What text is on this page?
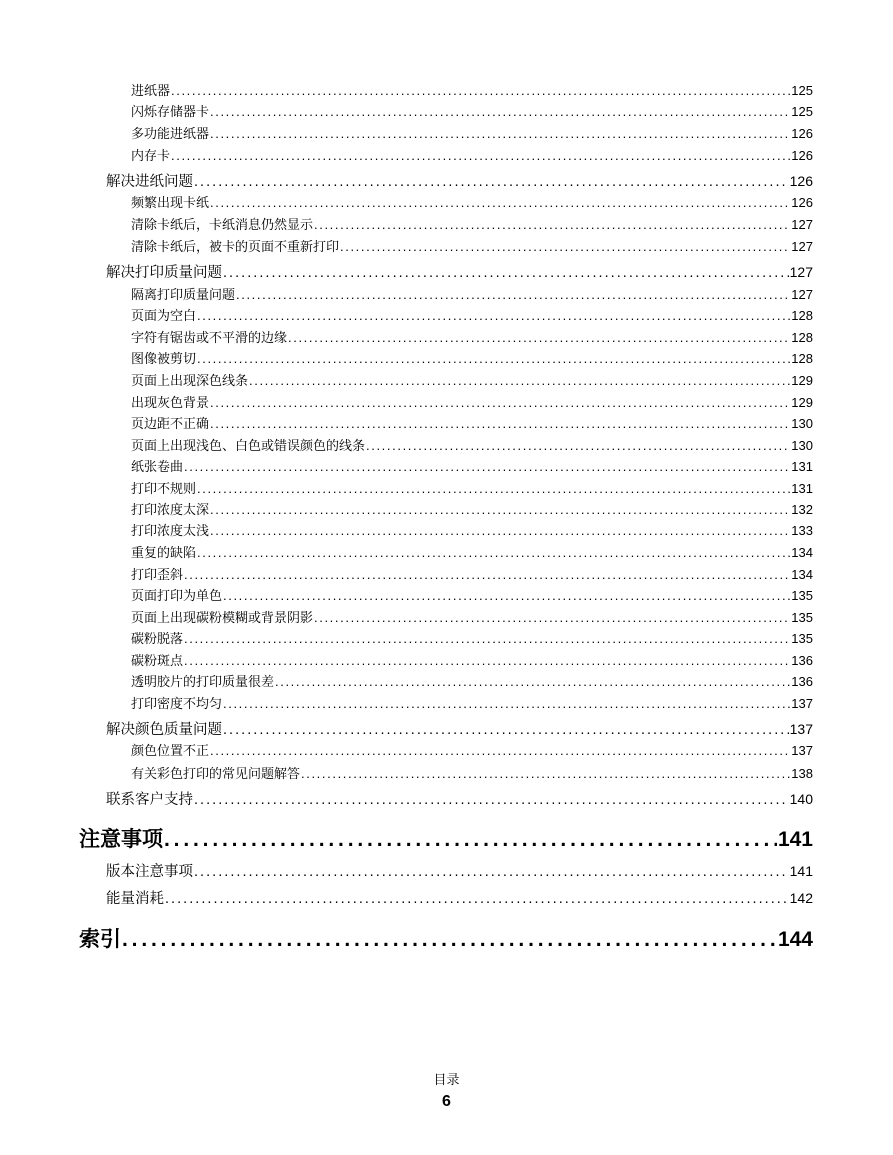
进纸器 . . .	125
闪烁存储器卡 . . .	125
多功能进纸器 . . .	126
内存卡 . . .	126
解决进纸问题 . . .	126
频繁出现卡纸 . . .	126
清除卡纸后，卡纸消息仍然显示 . . .	127
清除卡纸后，被卡的页面不重新打印 . . .	127
解决打印质量问题 . . .	127
隔离打印质量问题 . . .	127
页面为空白 . . .	128
字符有锯齿或不平滑的边缘 . . .	128
图像被剪切 . . .	128
页面上出现深色线条 . . .	129
出现灰色背景 . . .	129
页边距不正确 . . .	130
页面上出现浅色、白色或错误颜色的线条 . . .	130
纸张卷曲 . . .	131
打印不规则 . . .	131
打印浓度太深 . . .	132
打印浓度太浅 . . .	133
重复的缺陷 . . .	134
打印歪斜 . . .	134
页面打印为单色 . . .	135
页面上出现碳粉模糊或背景阴影 . . .	135
碳粉脱落 . . .	135
碳粉斑点 . . .	136
透明胶片的打印质量很差 . . .	136
打印密度不均匀 . . .	137
解决颜色质量问题 . . .	137
颜色位置不正 . . .	137
有关彩色打印的常见问题解答 . . .	138
联系客户支持 . . .	140
注意事项 . . .	141
版本注意事项 . . .	141
能量消耗 . . .	142
索引 . . .	144
目录
6
